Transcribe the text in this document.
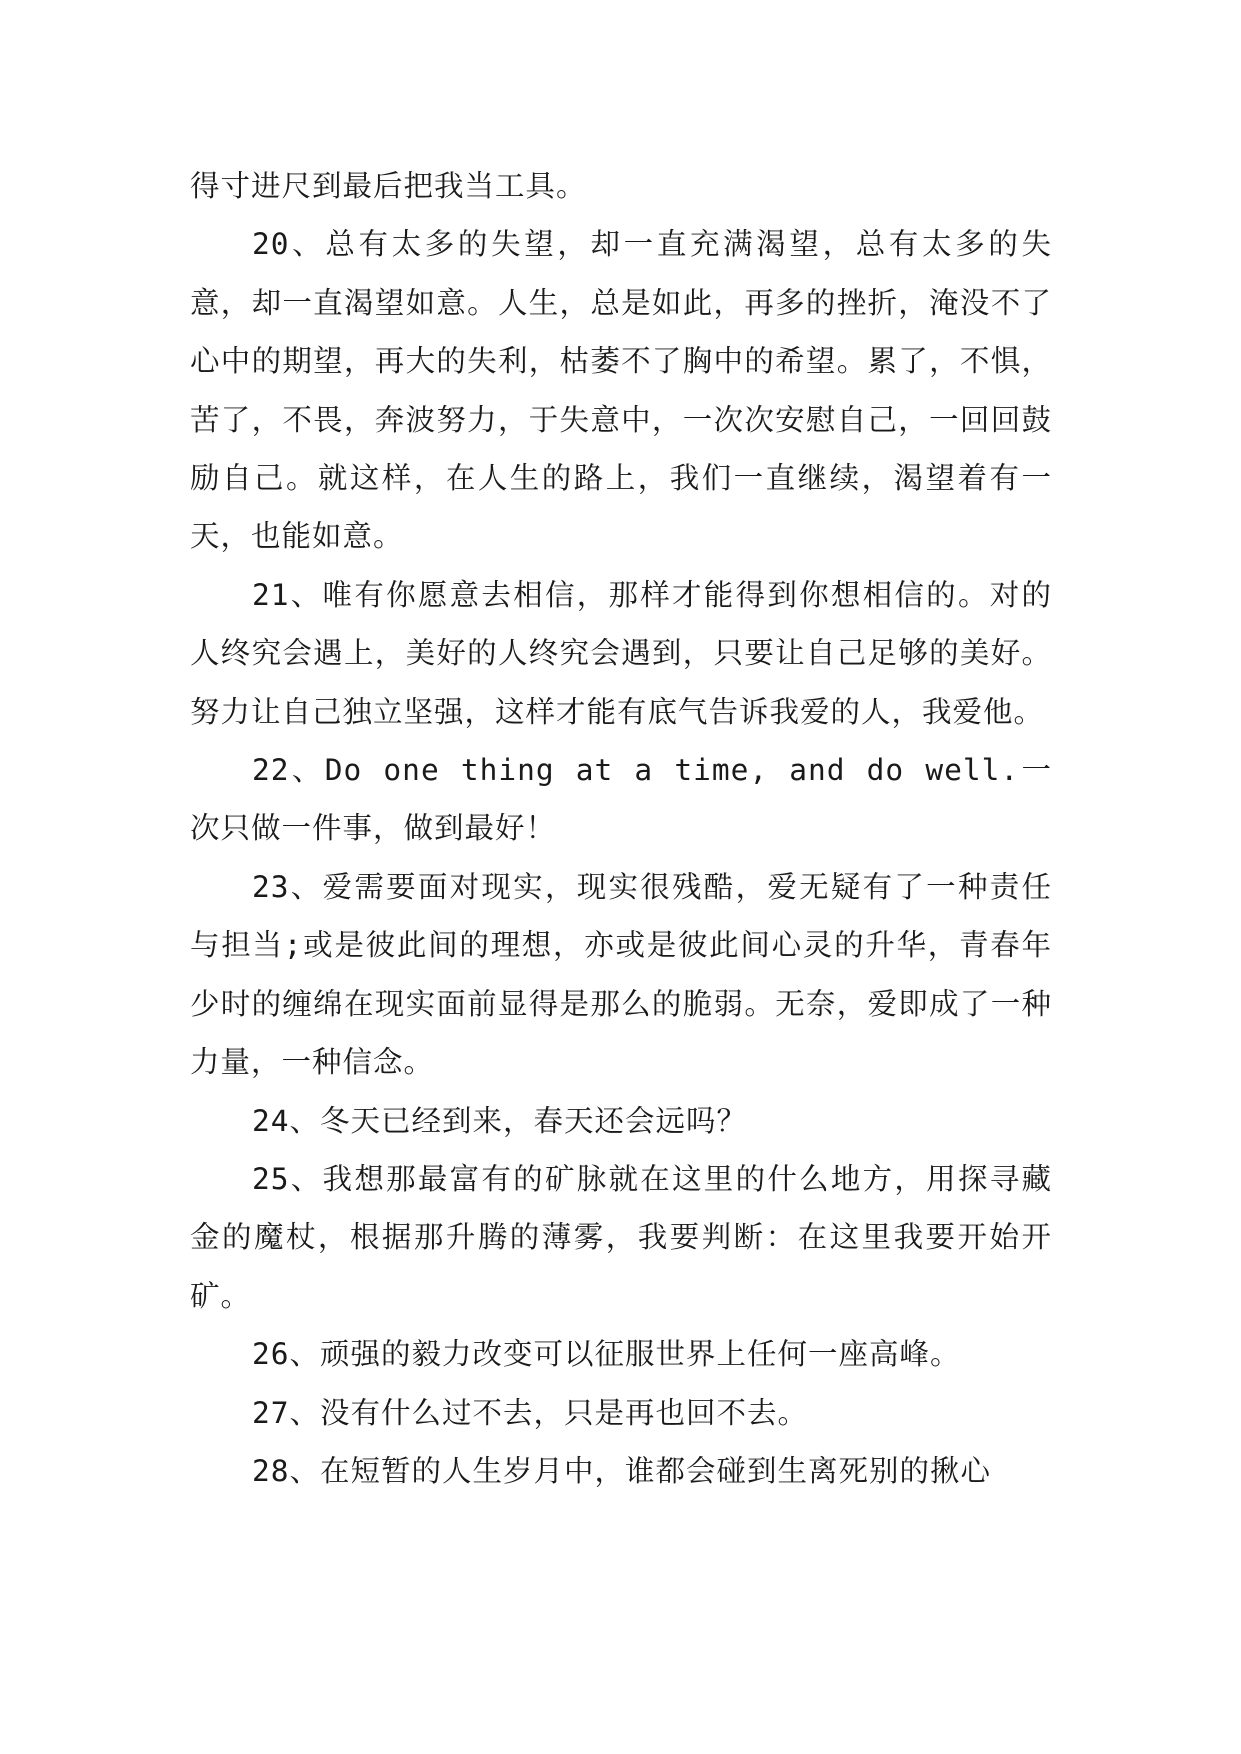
得寸进尺到最后把我当工具。

20、总有太多的失望，却一直充满渴望，总有太多的失意，却一直渴望如意。人生，总是如此，再多的挫折，淹没不了心中的期望，再大的失利，枯萎不了胸中的希望。累了，不惧，苦了，不畏，奔波努力，于失意中，一次次安慰自己，一回回鼓励自己。就这样，在人生的路上，我们一直继续，渴望着有一天，也能如意。

21、唯有你愿意去相信，那样才能得到你想相信的。对的人终究会遇上，美好的人终究会遇到，只要让自己足够的美好。努力让自己独立坚强，这样才能有底气告诉我爱的人，我爱他。

22、Do one thing at a time, and do well.一次只做一件事，做到最好！

23、爱需要面对现实，现实很残酷，爱无疑有了一种责任与担当;或是彼此间的理想，亦或是彼此间心灵的升华，青春年少时的缠绵在现实面前显得是那么的脆弱。无奈，爱即成了一种力量，一种信念。

24、冬天已经到来，春天还会远吗？

25、我想那最富有的矿脉就在这里的什么地方，用探寻藏金的魔杖，根据那升腾的薄雾，我要判断：在这里我要开始开矿。

26、顽强的毅力改变可以征服世界上任何一座高峰。

27、没有什么过不去，只是再也回不去。

28、在短暂的人生岁月中，谁都会碰到生离死别的揪心
